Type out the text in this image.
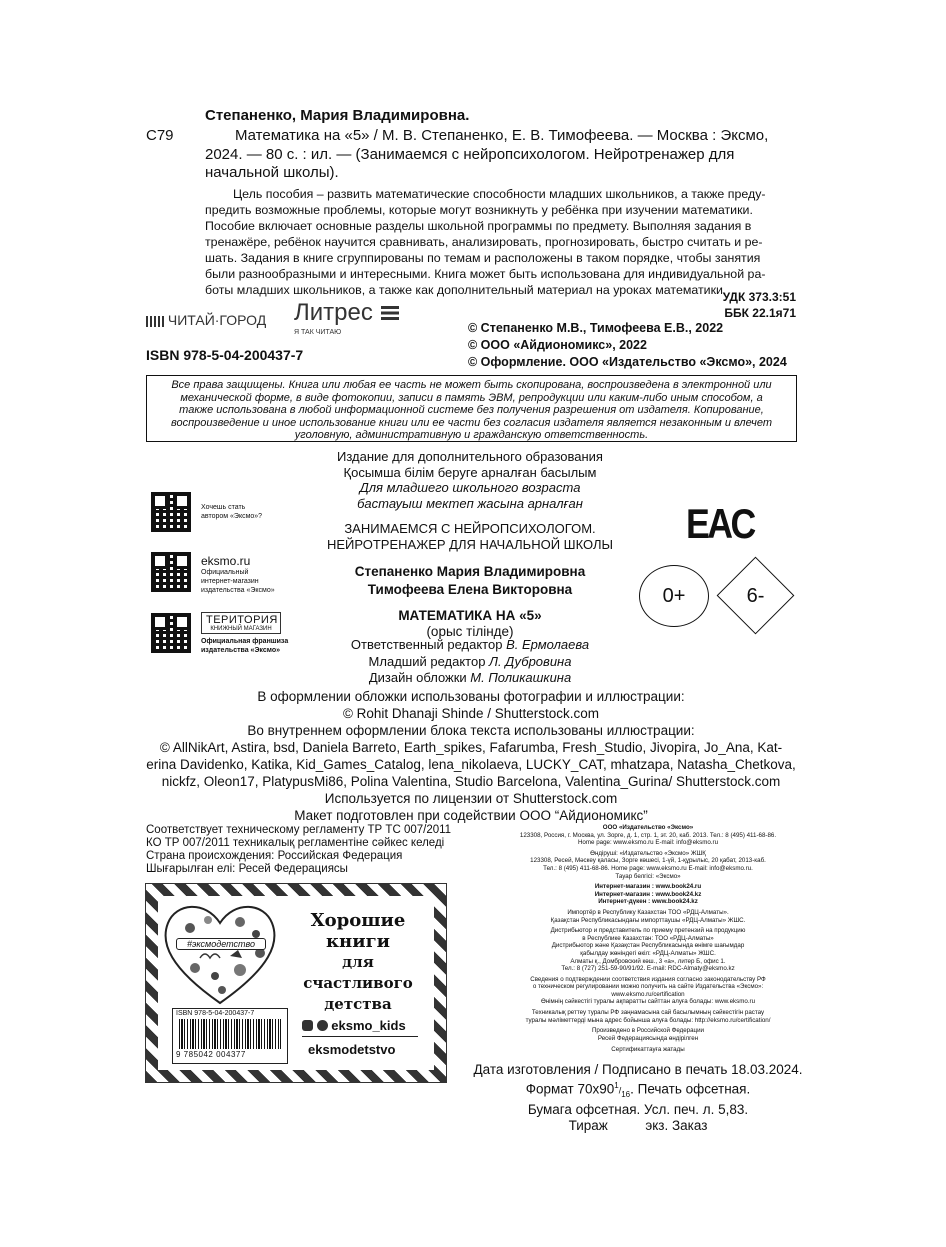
Степаненко, Мария Владимировна.
С79	Математика на «5» / М. В. Степаненко, Е. В. Тимофеева. — Москва : Эксмо,
2024. — 80 с. : ил. — (Занимаемся с нейропсихологом. Нейротренажер для
начальной школы).
Цель пособия – развить математические способности младших школьников, а также преду-
предить возможные проблемы, которые могут возникнуть у ребёнка при изучении математики.
Пособие включает основные разделы школьной программы по предмету. Выполняя задания в
тренажёре, ребёнок научится сравнивать, анализировать, прогнозировать, быстро считать и ре-
шать. Задания в книге сгруппированы по темам и расположены в таком порядке, чтобы занятия
были разнообразными и интересными. Книга может быть использована для индивидуальной ра-
боты младших школьников, а также как дополнительный материал на уроках математики.
ЧИТАЙ·ГОРОД Литрес
Я ТАК ЧИТАЮ
УДК 373.3:51
ББК 22.1я71
© Степаненко М.В., Тимофеева Е.В., 2022
© ООО «Айдиономикс», 2022
© Оформление. ООО «Издательство «Эксмо», 2024
ISBN 978-5-04-200437-7
Все права защищены. Книга или любая ее часть не может быть скопирована, воспроизведена в электронной или
механической форме, в виде фотокопии, записи в память ЭВМ, репродукции или каким-либо иным способом, а
также использована в любой информационной системе без получения разрешения от издателя. Копирование,
воспроизведение и иное использование книги или ее части без согласия издателя является незаконным и влечет
уголовную, административную и гражданскую ответственность.
Издание для дополнительного образования
Қосымша білім беруге арналған басылым
Для младшего школьного возраста
бастауыш мектеп жасына арналған
ЗАНИМАЕМСЯ С НЕЙРОПСИХОЛОГОМ.
НЕЙРОТРЕНАЖЕР ДЛЯ НАЧАЛЬНОЙ ШКОЛЫ
Степаненко Мария Владимировна
Тимофеева Елена Викторовна
МАТЕМАТИКА НА «5»
(орыс тілінде)
Ответственный редактор В. Ермолаева
Младший редактор Л. Дубровина
Дизайн обложки М. Поликашкина
Хочешь стать
автором «Эксмо»?
eksmo.ru
Официальный
интернет-магазин
издательства «Эксмо»
ТЕРИТОРИЯ
КНИЖНЫЙ МАГАЗИН
Официальная франшиза
издательства «Эксмо»
EAC
0+	6-
В оформлении обложки использованы фотографии и иллюстрации:
© Rohit Dhanaji Shinde / Shutterstock.com
Во внутреннем оформлении блока текста использованы иллюстрации:
© AllNikArt, Astira, bsd, Daniela Barreto, Earth_spikes, Fafarumba, Fresh_Studio, Jivopira, Jo_Ana, Kat-
erina Davidenko, Katika, Kid_Games_Catalog, lena_nikolaeva, LUCKY_CAT, mhatzapa, Natasha_Chetkova,
nickfz, Oleon17, PlatypusMi86, Polina Valentina, Studio Barcelona, Valentina_Gurina/ Shutterstock.com
Используется по лицензии от Shutterstock.com
Макет подготовлен при содействии ООО “Айдиономикс”
Соответствует техническому регламенту ТР ТС 007/2011
КО ТР 007/2011 техникалық регламентіне сәйкес келеді
Страна происхождения: Российская Федерация
Шығарылған елі: Ресей Федерациясы
ООО «Издательство «Эксмо»
123308, Россия, г. Москва, ул. Зорге, д. 1, стр. 1, эт. 20, каб. 2013. Тел.: 8 (495) 411-68-86.
Home page: www.eksmo.ru E-mail: info@eksmo.ru
Өндіруші: «Издательство «Эксмо» ЖШҚ
123308, Ресей, Мәскеу қаласы, Зорге көшесі, 1-үй, 1-құрылыс, 20 қабат, 2013-каб.
Тел.: 8 (495) 411-68-86. Home page: www.eksmo.ru E-mail: info@eksmo.ru.
Тауар белгісі: «Эксмо»
Интернет-магазин : www.book24.ru
Интернет-магазин : www.book24.kz
Интернет-дүкен : www.book24.kz
Импортёр в Республику Казахстан ТОО «РДЦ-Алматы».
Қазақстан Республикасындағы импорттаушы «РДЦ-Алматы» ЖШС.
Дистрибьютор и представитель по приему претензий на продукцию
в Республике Казахстан: ТОО «РДЦ-Алматы»
Дистрибьютор және Қазақстан Республикасында өнімге шағымдар
қабылдау жөніндегі өкіл: «РДЦ-Алматы» ЖШС.
Алматы қ., Домбровский көш., 3 «а», литер Б, офис 1.
Тел.: 8 (727) 251-59-90/91/92. E-mail: RDC-Almaty@eksmo.kz
Сведения о подтверждении соответствия издания согласно законодательству РФ
о техническом регулировании можно получить на сайте Издательства «Эксмо»:
www.eksmo.ru/certification
Өнімнің сәйкестігі туралы ақпаратты сайттан алуға болады: www.eksmo.ru
Техникалық реттеу туралы РФ заңнамасына сай басылымның сәйкестігін растау
туралы мәліметтерді мына адрес бойынша алуға болады: http://eksmo.ru/certification/
Произведено в Российской Федерации
Ресей Федерациясында өндірілген
Сертификаттауға жатады
Дата изготовления / Подписано в печать 18.03.2024.
Формат $70х90^1/_{16}$. Печать офсетная.
Бумага офсетная. Усл. печ. л. 5,83.
Тираж          экз. Заказ
#эксмодетство
Хорошие
книги
для счастливого
детства
ISBN 978-5-04-200437-7
9 785042 004377
eksmo_kids
eksmodetstvo
